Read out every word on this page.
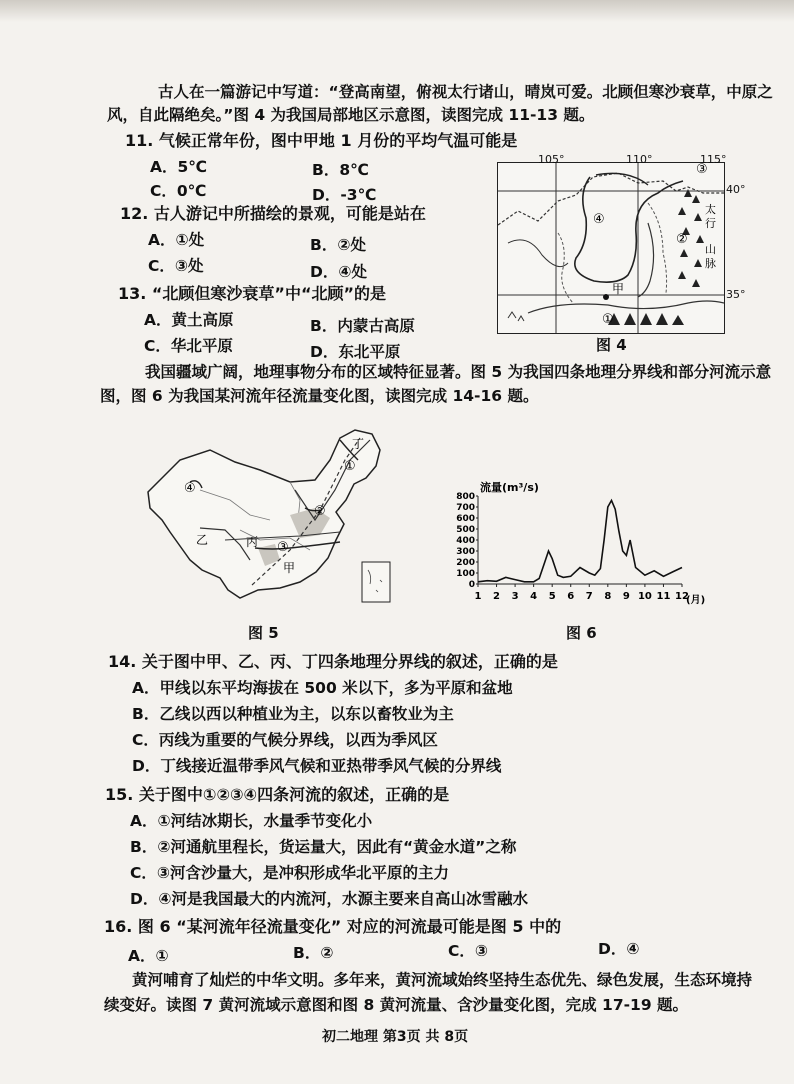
古人在一篇游记中写道：“登高南望，俯视太行诸山，晴岚可爱。北顾但寒沙衰草，中原之
风，自此隔绝矣。”图 4 为我国局部地区示意图，读图完成 11-13 题。
11. 气候正常年份，图中甲地 1 月份的平均气温可能是
A．5℃	B．8℃
C．0℃	D．-3℃
12. 古人游记中所描绘的景观，可能是站在
A．①处	B．②处
C．③处	D．④处
13. “北顾但寒沙衰草”中“北顾”的是
A．黄土高原	B．内蒙古高原
C．华北平原	D．东北平原
④
②
③
①
甲
太
行
山
脉
105°	110°	115°
40°
35°
图 4
我国疆域广阔，地理事物分布的区域特征显著。图 5 为我国四条地理分界线和部分河流示意
图，图 6 为我国某河流年径流量变化图，读图完成 14-16 题。
①
②
③
④
乙	丙
甲
丁
图 5
流量(m³/s)
800
700
600
500
400
300
200
100
0
1 2 3 4 5 6 7 8 9 10 11 12
(月)
图 6
14. 关于图中甲、乙、丙、丁四条地理分界线的叙述，正确的是
A．甲线以东平均海拔在 500 米以下，多为平原和盆地
B．乙线以西以种植业为主，以东以畜牧业为主
C．丙线为重要的气候分界线，以西为季风区
D．丁线接近温带季风气候和亚热带季风气候的分界线
15. 关于图中①②③④四条河流的叙述，正确的是
A．①河结冰期长，水量季节变化小
B．②河通航里程长，货运量大，因此有“黄金水道”之称
C．③河含沙量大，是冲积形成华北平原的主力
D．④河是我国最大的内流河，水源主要来自高山冰雪融水
16. 图 6 “某河流年径流量变化” 对应的河流最可能是图 5 中的
A．①	B．②	C．③	D．④
黄河哺育了灿烂的中华文明。多年来，黄河流域始终坚持生态优先、绿色发展，生态环境持
续变好。读图 7 黄河流域示意图和图 8 黄河流量、含沙量变化图，完成 17-19 题。
初二地理 第3页 共 8页
